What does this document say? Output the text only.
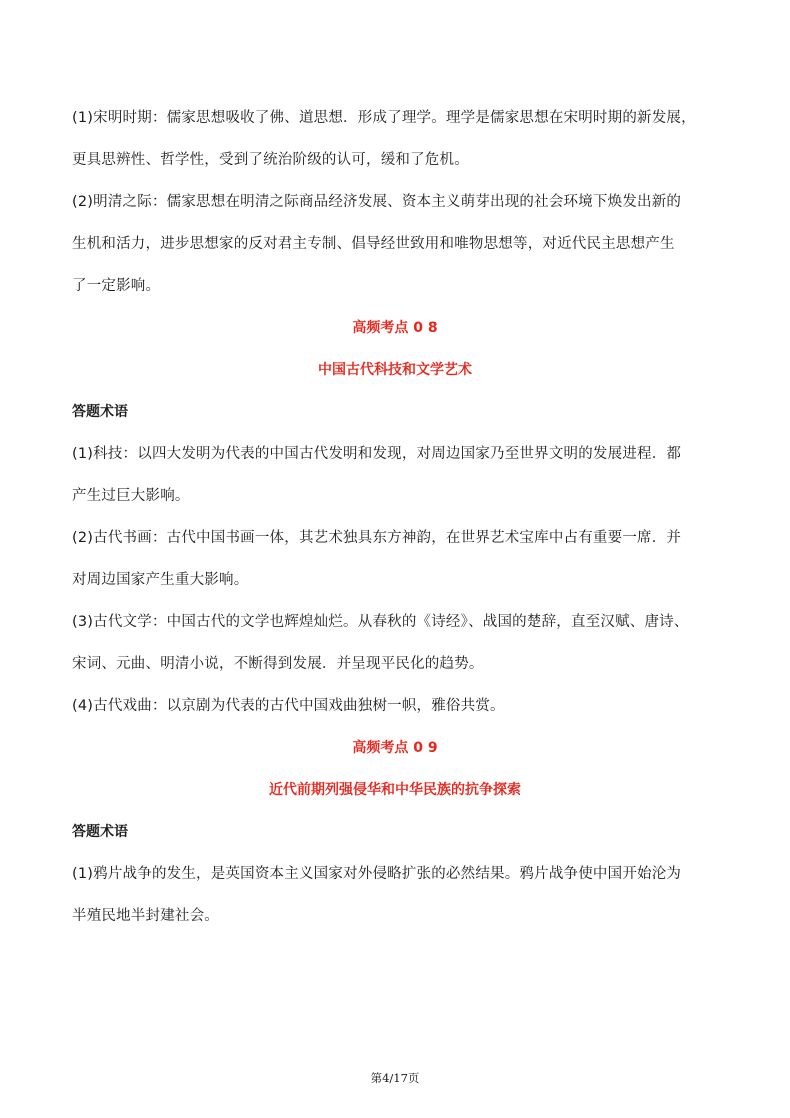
(1)宋明时期：儒家思想吸收了佛、道思想．形成了理学。理学是儒家思想在宋明时期的新发展，
更具思辨性、哲学性，受到了统治阶级的认可，缓和了危机。
(2)明清之际：儒家思想在明清之际商品经济发展、资本主义萌芽出现的社会环境下焕发出新的
生机和活力，进步思想家的反对君主专制、倡导经世致用和唯物思想等，对近代民主思想产生
了一定影响。
高频考点 0 8
中国古代科技和文学艺术
答题术语
(1)科技：以四大发明为代表的中国古代发明和发现，对周边国家乃至世界文明的发展进程．都
产生过巨大影响。
(2)古代书画：古代中国书画一体，其艺术独具东方神韵，在世界艺术宝库中占有重要一席．并
对周边国家产生重大影响。
(3)古代文学：中国古代的文学也辉煌灿烂。从春秋的《诗经》、战国的楚辞，直至汉赋、唐诗、
宋词、元曲、明清小说，不断得到发展．并呈现平民化的趋势。
(4)古代戏曲：以京剧为代表的古代中国戏曲独树一帜，雅俗共赏。
高频考点 0 9
近代前期列强侵华和中华民族的抗争探索
答题术语
(1)鸦片战争的发生，是英国资本主义国家对外侵略扩张的必然结果。鸦片战争使中国开始沦为
半殖民地半封建社会。
第4/17页
